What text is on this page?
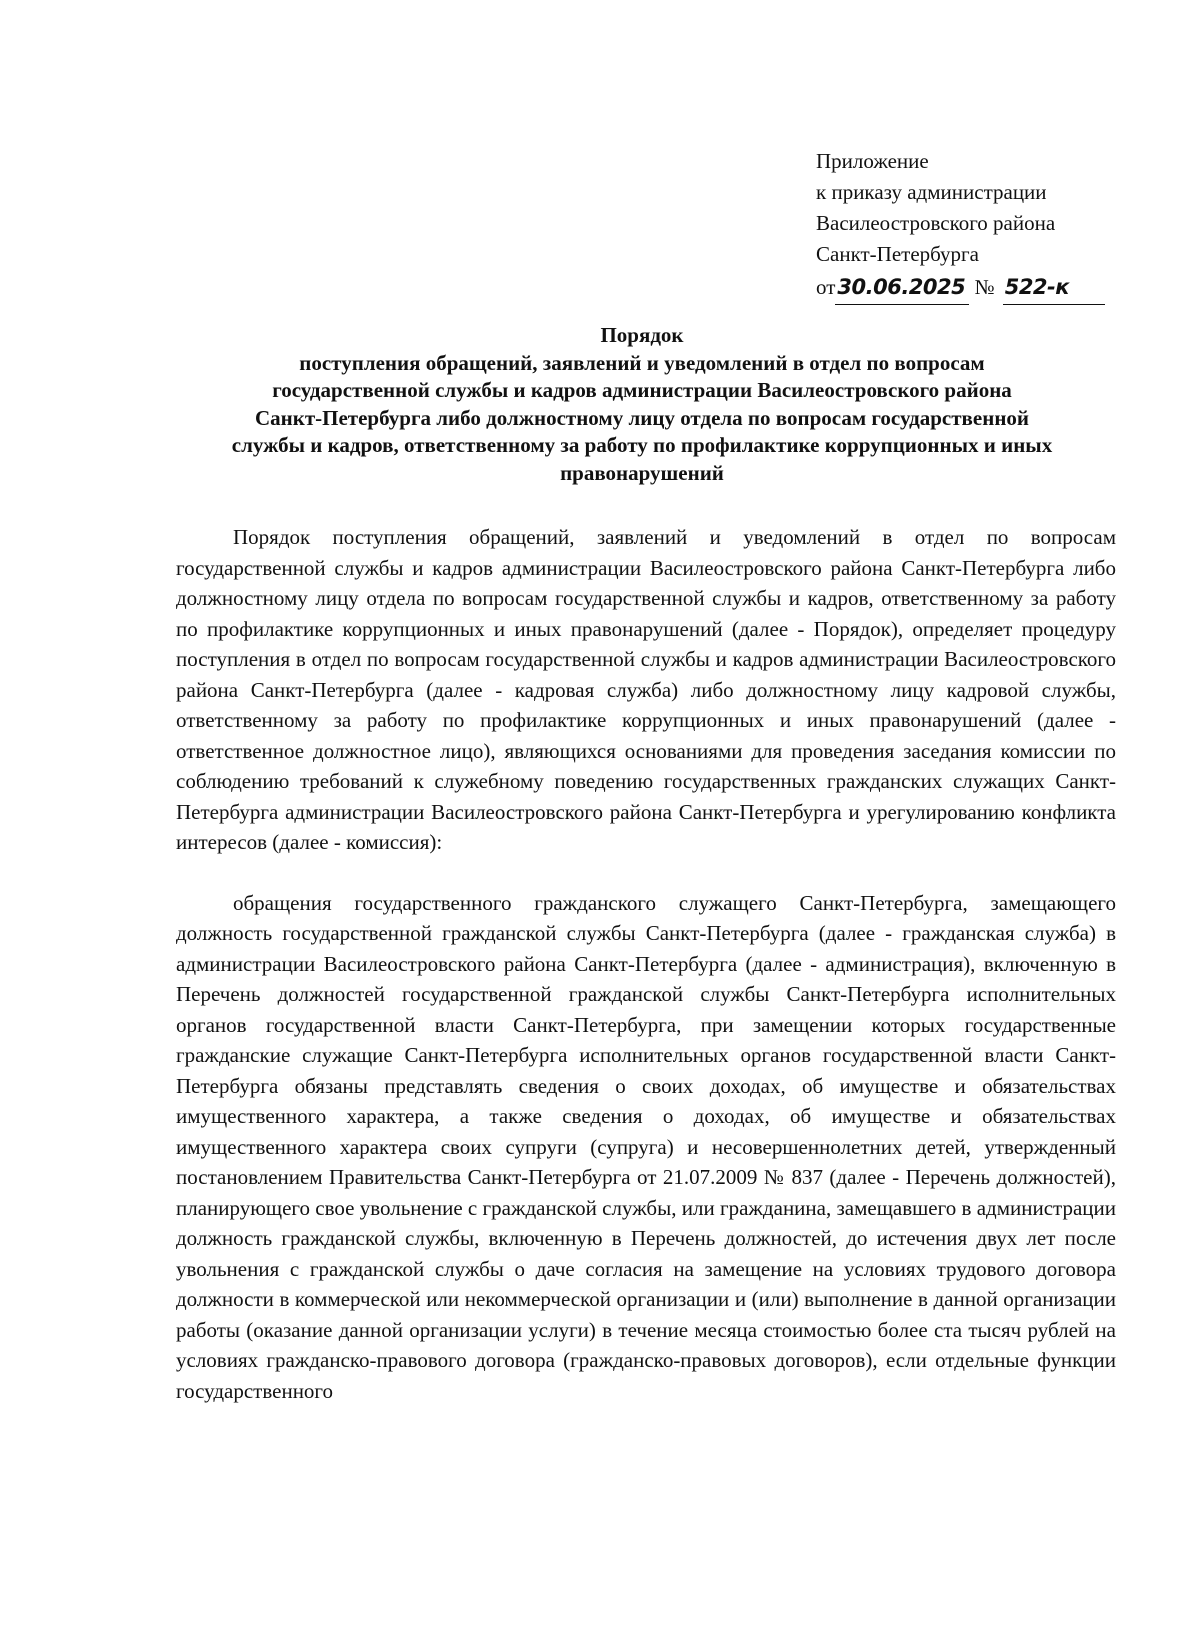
Приложение
к приказу администрации
Василеостровского района
Санкт-Петербурга
от30.06.2025 № 522-к
Порядок
поступления обращений, заявлений и уведомлений в отдел по вопросам
государственной службы и кадров администрации Василеостровского района
Санкт-Петербурга либо должностному лицу отдела по вопросам государственной
службы и кадров, ответственному за работу по профилактике коррупционных и иных
правонарушений

Порядок поступления обращений, заявлений и уведомлений в отдел по вопросам государственной службы и кадров администрации Василеостровского района Санкт-Петербурга либо должностному лицу отдела по вопросам государственной службы и кадров, ответственному за работу по профилактике коррупционных и иных правонарушений (далее - Порядок), определяет процедуру поступления в отдел по вопросам государственной службы и кадров администрации Василеостровского района Санкт-Петербурга (далее - кадровая служба) либо должностному лицу кадровой службы, ответственному за работу по профилактике коррупционных и иных правонарушений (далее - ответственное должностное лицо), являющихся основаниями для проведения заседания комиссии по соблюдению требований к служебному поведению государственных гражданских служащих Санкт-Петербурга администрации Василеостровского района Санкт-Петербурга и урегулированию конфликта интересов (далее - комиссия):

обращения государственного гражданского служащего Санкт-Петербурга, замещающего должность государственной гражданской службы Санкт-Петербурга (далее - гражданская служба) в администрации Василеостровского района Санкт-Петербурга (далее - администрация), включенную в Перечень должностей государственной гражданской службы Санкт-Петербурга исполнительных органов государственной власти Санкт-Петербурга, при замещении которых государственные гражданские служащие Санкт-Петербурга исполнительных органов государственной власти Санкт-Петербурга обязаны представлять сведения о своих доходах, об имуществе и обязательствах имущественного характера, а также сведения о доходах, об имуществе и обязательствах имущественного характера своих супруги (супруга) и несовершеннолетних детей, утвержденный постановлением Правительства Санкт-Петербурга от 21.07.2009 № 837 (далее - Перечень должностей), планирующего свое увольнение с гражданской службы, или гражданина, замещавшего в администрации должность гражданской службы, включенную в Перечень должностей, до истечения двух лет после увольнения с гражданской службы о даче согласия на замещение на условиях трудового договора должности в коммерческой или некоммерческой организации и (или) выполнение в данной организации работы (оказание данной организации услуги) в течение месяца стоимостью более ста тысяч рублей на условиях гражданско-правового договора (гражданско-правовых договоров), если отдельные функции государственного
